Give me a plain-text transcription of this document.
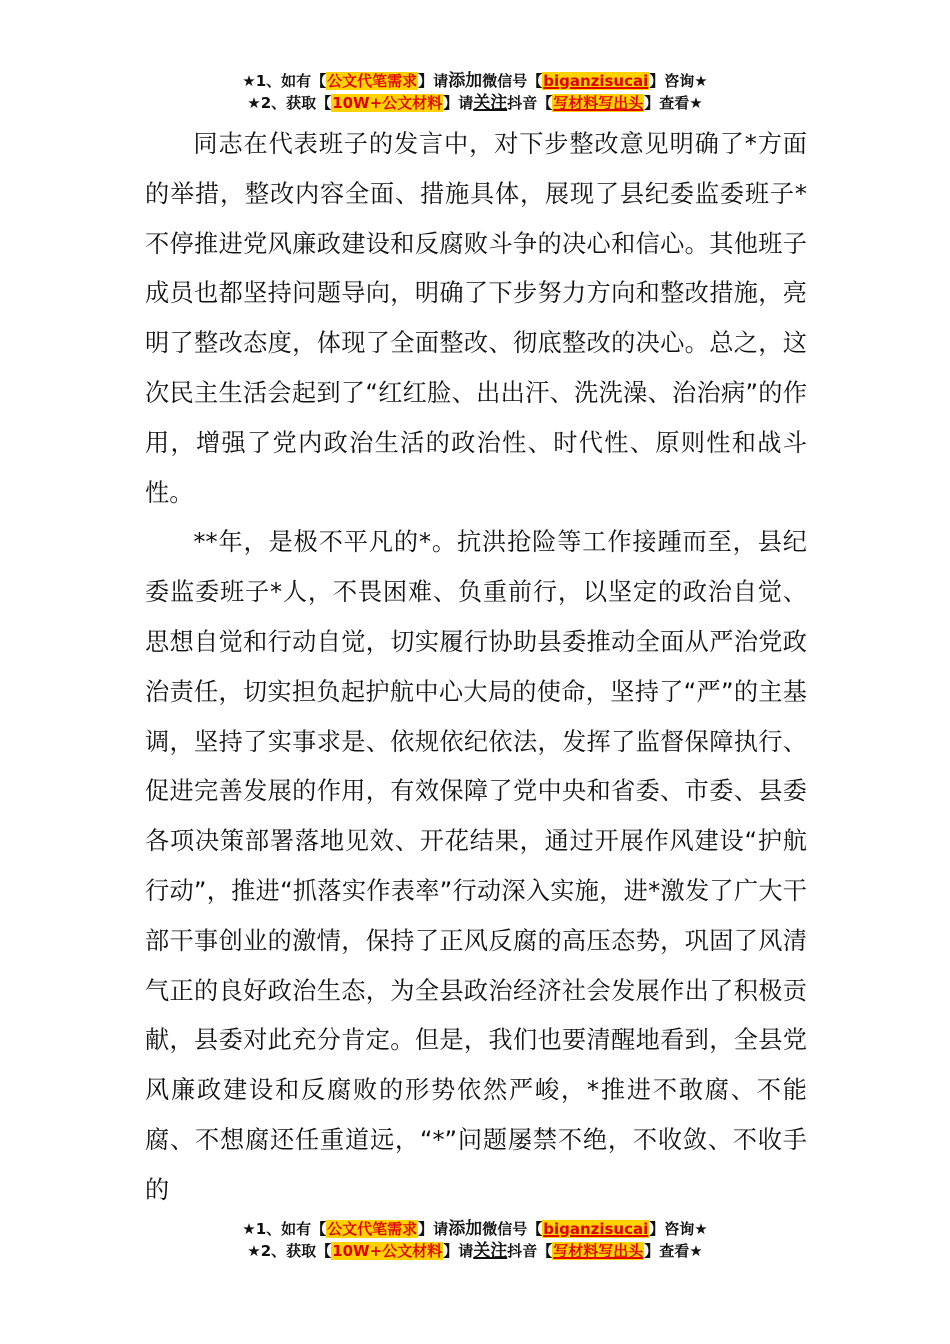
★1、如有【公文代笔需求】请添加微信号【biganzisucai】咨询★
★2、获取【10W+公文材料】请关注抖音【写材料写出头】查看★

同志在代表班子的发言中，对下步整改意见明确了*方面的举措，整改内容全面、措施具体，展现了县纪委监委班子*不停推进党风廉政建设和反腐败斗争的决心和信心。其他班子成员也都坚持问题导向，明确了下步努力方向和整改措施，亮明了整改态度，体现了全面整改、彻底整改的决心。总之，这次民主生活会起到了“红红脸、出出汗、洗洗澡、治治病”的作用，增强了党内政治生活的政治性、时代性、原则性和战斗性。

**年，是极不平凡的*。抗洪抢险等工作接踵而至，县纪委监委班子*人，不畏困难、负重前行，以坚定的政治自觉、思想自觉和行动自觉，切实履行协助县委推动全面从严治党政治责任，切实担负起护航中心大局的使命，坚持了“严”的主基调，坚持了实事求是、依规依纪依法，发挥了监督保障执行、促进完善发展的作用，有效保障了党中央和省委、市委、县委各项决策部署落地见效、开花结果，通过开展作风建设“护航行动”，推进“抓落实作表率”行动深入实施，进*激发了广大干部干事创业的激情，保持了正风反腐的高压态势，巩固了风清气正的良好政治生态，为全县政治经济社会发展作出了积极贡献，县委对此充分肯定。但是，我们也要清醒地看到，全县党风廉政建设和反腐败的形势依然严峻，*推进不敢腐、不能腐、不想腐还任重道远，“*”问题屡禁不绝，不收敛、不收手的

★1、如有【公文代笔需求】请添加微信号【biganzisucai】咨询★
★2、获取【10W+公文材料】请关注抖音【写材料写出头】查看★
